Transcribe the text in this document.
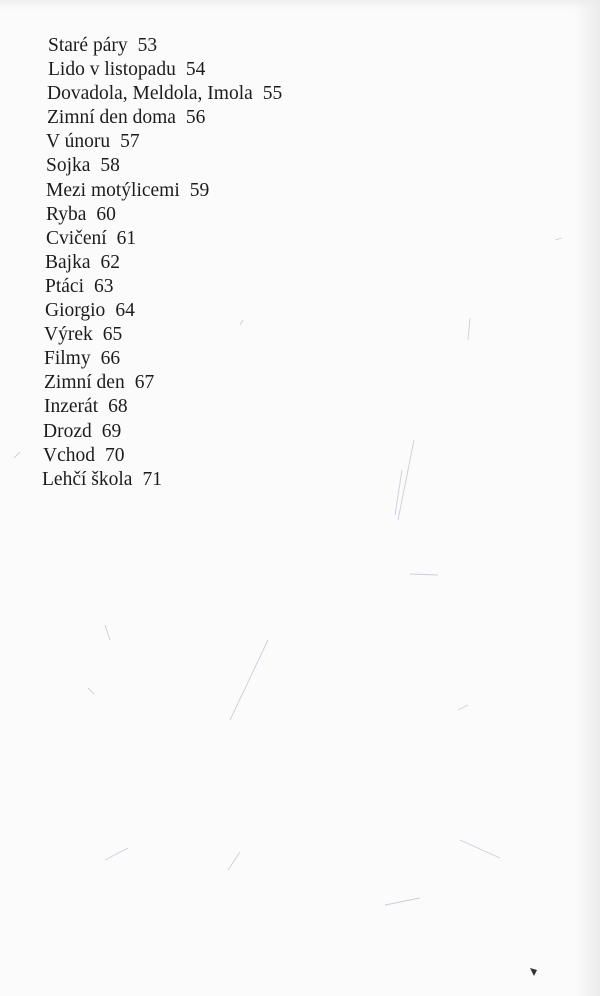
Staré páry 53
Lido v listopadu 54
Dovadola, Meldola, Imola 55
Zimní den doma 56
V únoru 57
Sojka 58
Mezi motýlicemi 59
Ryba 60
Cvičení 61
Bajka 62
Ptáci 63
Giorgio 64
Výrek 65
Filmy 66
Zimní den 67
Inzerát 68
Drozd 69
Vchod 70
Lehčí škola 71
